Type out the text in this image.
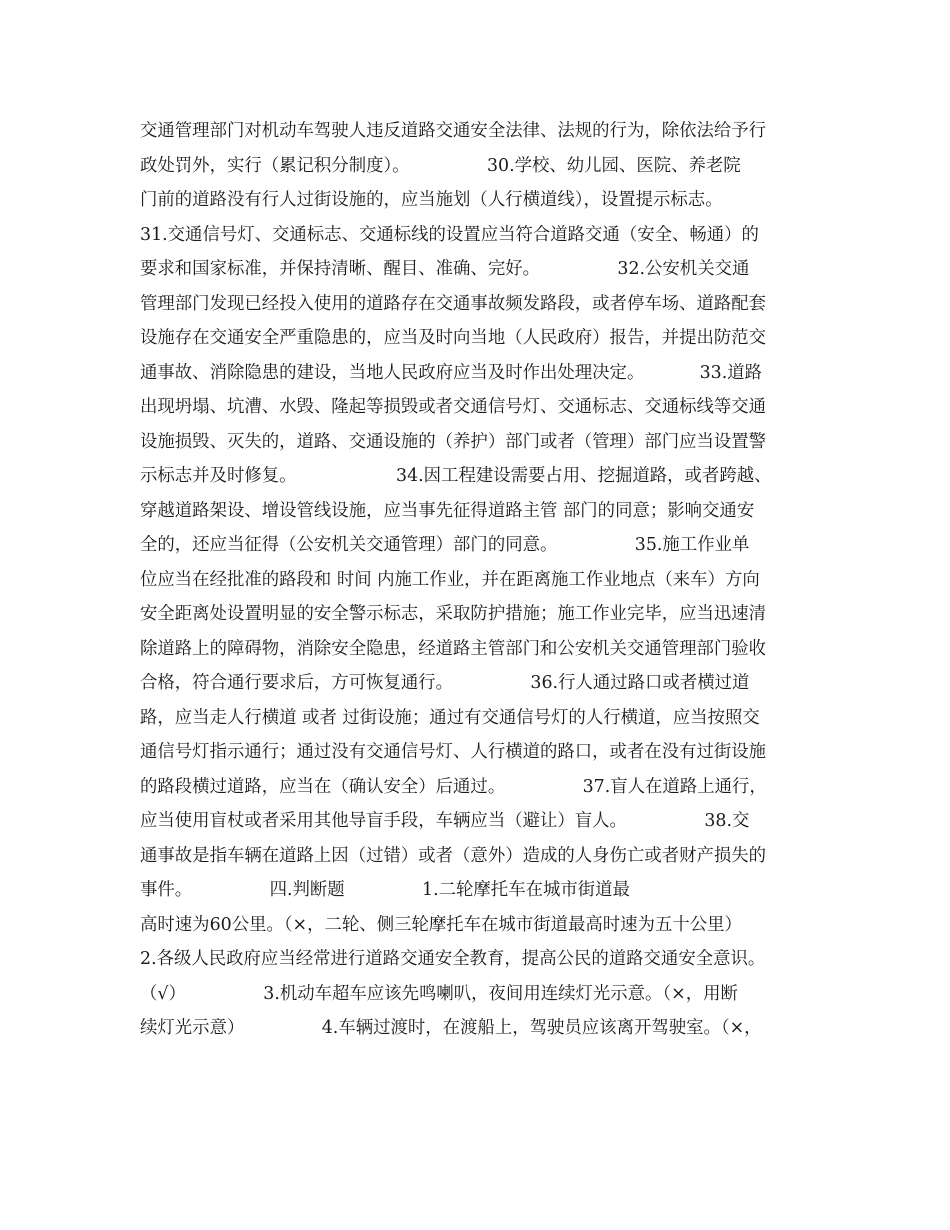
交通管理部门对机动车驾驶人违反道路交通安全法律、法规的行为，除依法给予行
政处罚外，实行（累记积分制度）。              30.学校、幼儿园、医院、养老院
门前的道路没有行人过街设施的，应当施划（人行横道线），设置提示标志。
31.交通信号灯、交通标志、交通标线的设置应当符合道路交通（安全、畅通）的
要求和国家标准，并保持清晰、醒目、准确、完好。              32.公安机关交通
管理部门发现已经投入使用的道路存在交通事故频发路段，或者停车场、道路配套
设施存在交通安全严重隐患的，应当及时向当地（人民政府）报告，并提出防范交
通事故、消除隐患的建设，当地人民政府应当及时作出处理决定。          33.道路
出现坍塌、坑漕、水毁、隆起等损毁或者交通信号灯、交通标志、交通标线等交通
设施损毁、灭失的，道路、交通设施的（养护）部门或者（管理）部门应当设置警
示标志并及时修复。                  34.因工程建设需要占用、挖掘道路，或者跨越、
穿越道路架设、增设管线设施，应当事先征得道路主管 部门的同意；影响交通安
全的，还应当征得（公安机关交通管理）部门的同意。              35.施工作业单
位应当在经批准的路段和 时间 内施工作业，并在距离施工作业地点（来车）方向
安全距离处设置明显的安全警示标志，采取防护措施；施工作业完毕，应当迅速清
除道路上的障碍物，消除安全隐患，经道路主管部门和公安机关交通管理部门验收
合格，符合通行要求后，方可恢复通行。              36.行人通过路口或者横过道
路，应当走人行横道 或者 过街设施；通过有交通信号灯的人行横道，应当按照交
通信号灯指示通行；通过没有交通信号灯、人行横道的路口，或者在没有过街设施
的路段横过道路，应当在（确认安全）后通过。              37.盲人在道路上通行，
应当使用盲杖或者采用其他导盲手段，车辆应当（避让）盲人。              38.交
通事故是指车辆在道路上因（过错）或者（意外）造成的人身伤亡或者财产损失的
事件。              四.判断题              1.二轮摩托车在城市街道最
高时速为60公里。（×，二轮、侧三轮摩托车在城市街道最高时速为五十公里）
2.各级人民政府应当经常进行道路交通安全教育，提高公民的道路交通安全意识。
（√）              3.机动车超车应该先鸣喇叭，夜间用连续灯光示意。（×，用断
续灯光示意）              4.车辆过渡时，在渡船上，驾驶员应该离开驾驶室。（×，
